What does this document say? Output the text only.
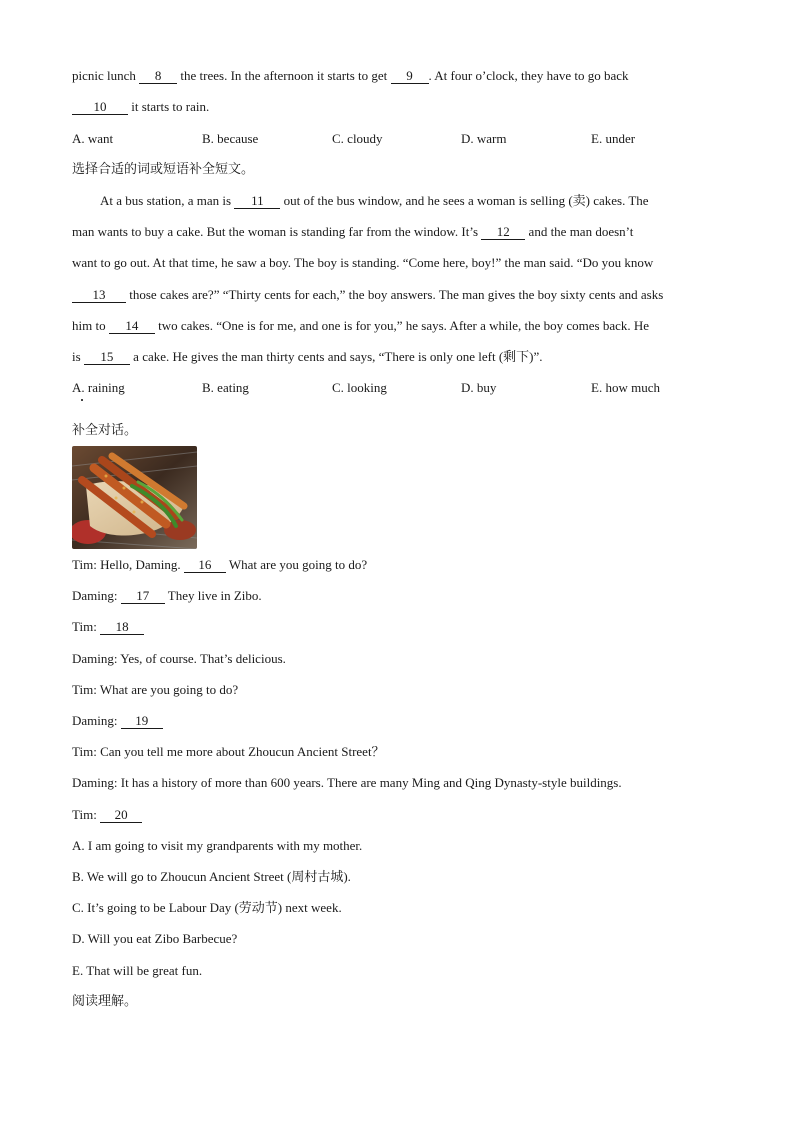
picnic lunch 8 the trees. In the afternoon it starts to get 9 . At four o’clock, they have to go back
10 it starts to rain.
A. want	B. because	C. cloudy	D. warm	E. under
选择合适的词或短语补全短文。
At a bus station, a man is 11 out of the bus window, and he sees a woman is selling (卖) cakes. The
man wants to buy a cake. But the woman is standing far from the window. It’s 12 and the man doesn’t
want to go out. At that time, he saw a boy. The boy is standing. “Come here, boy!” the man said. “Do you know
13 those cakes are?” “Thirty cents for each,” the boy answers. The man gives the boy sixty cents and asks
him to 14 two cakes. “One is for me, and one is for you,” he says. After a while, the boy comes back. He
is 15 a cake. He gives the man thirty cents and says, “There is only one left (剩下)”.
A. raining	B. eating	C. looking	D. buy	E. how much
补全对话。
Tim: Hello, Daming. 16 What are you going to do?
Daming: 17 They live in Zibo.
Tim: 18
Daming: Yes, of course. That’s delicious.
Tim: What are you going to do?
Daming: 19
Tim: Can you tell me more about Zhoucun Ancient Street？
Daming: It has a history of more than 600 years. There are many Ming and Qing Dynasty-style buildings.
Tim: 20
A. I am going to visit my grandparents with my mother.
B. We will go to Zhoucun Ancient Street (周村古城).
C. It’s going to be Labour Day (劳动节) next week.
D. Will you eat Zibo Barbecue?
E. That will be great fun.
阅读理解。
